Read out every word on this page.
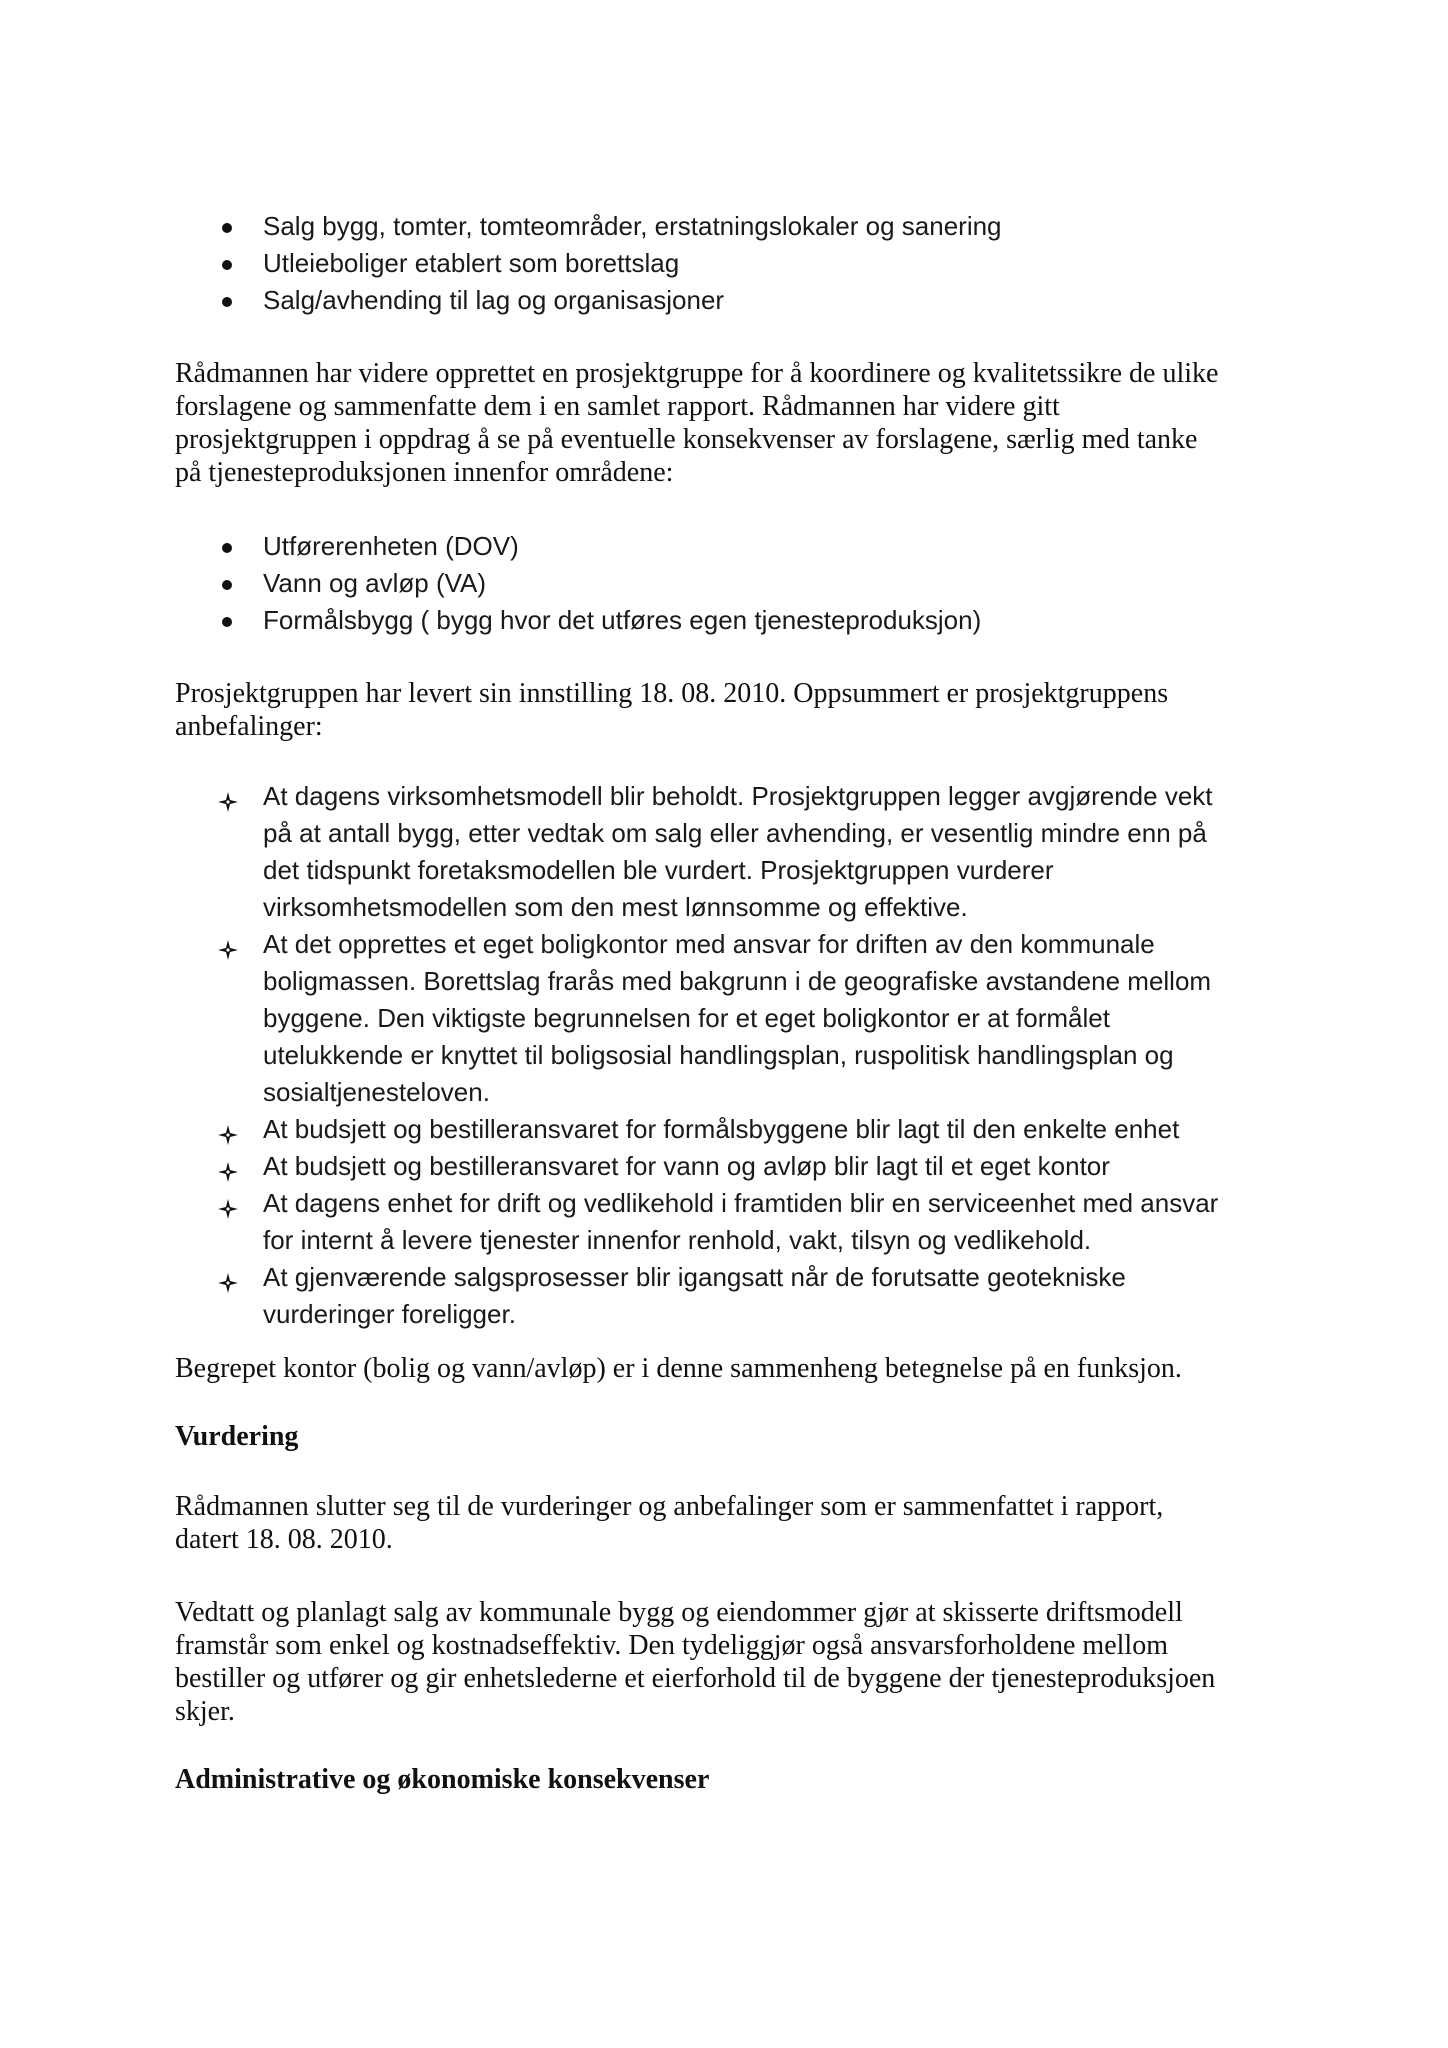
Salg bygg, tomter, tomteområder, erstatningslokaler og sanering
Utleieboliger etablert som borettslag
Salg/avhending til lag og organisasjoner
Rådmannen har videre opprettet en prosjektgruppe for å koordinere og kvalitetssikre de ulike
forslagene og sammenfatte dem i en samlet rapport. Rådmannen har videre gitt
prosjektgruppen i oppdrag å se på eventuelle konsekvenser av forslagene, særlig med tanke
på tjenesteproduksjonen innenfor områdene:
Utførerenheten (DOV)
Vann og avløp (VA)
Formålsbygg ( bygg hvor det utføres egen tjenesteproduksjon)
Prosjektgruppen har levert sin innstilling 18. 08. 2010. Oppsummert er prosjektgruppens
anbefalinger:
At dagens virksomhetsmodell blir beholdt. Prosjektgruppen legger avgjørende vekt
på at antall bygg, etter vedtak om salg eller avhending, er vesentlig mindre enn på
det tidspunkt foretaksmodellen ble vurdert. Prosjektgruppen vurderer
virksomhetsmodellen som den mest lønnsomme og effektive.
At det opprettes et eget boligkontor med ansvar for driften av den kommunale
boligmassen. Borettslag frarås med bakgrunn i de geografiske avstandene mellom
byggene. Den viktigste begrunnelsen for et eget boligkontor er at formålet
utelukkende er knyttet til boligsosial handlingsplan, ruspolitisk handlingsplan og
sosialtjenesteloven.
At budsjett og bestilleransvaret for formålsbyggene blir lagt til den enkelte enhet
At budsjett og bestilleransvaret for vann og avløp blir lagt til et eget kontor
At dagens enhet for drift og vedlikehold i framtiden blir en serviceenhet med ansvar
for internt å levere tjenester innenfor renhold, vakt, tilsyn og vedlikehold.
At gjenværende salgsprosesser blir igangsatt når de forutsatte geotekniske
vurderinger foreligger.
Begrepet kontor (bolig og vann/avløp) er i denne sammenheng betegnelse på en funksjon.
Vurdering
Rådmannen slutter seg til de vurderinger og anbefalinger som er sammenfattet i rapport,
datert 18. 08. 2010.
Vedtatt og planlagt salg av kommunale bygg og eiendommer gjør at skisserte driftsmodell
framstår som enkel og kostnadseffektiv. Den tydeliggjør også ansvarsforholdene mellom
bestiller og utfører og gir enhetslederne et eierforhold til de byggene der tjenesteproduksjoen
skjer.
Administrative og økonomiske konsekvenser
